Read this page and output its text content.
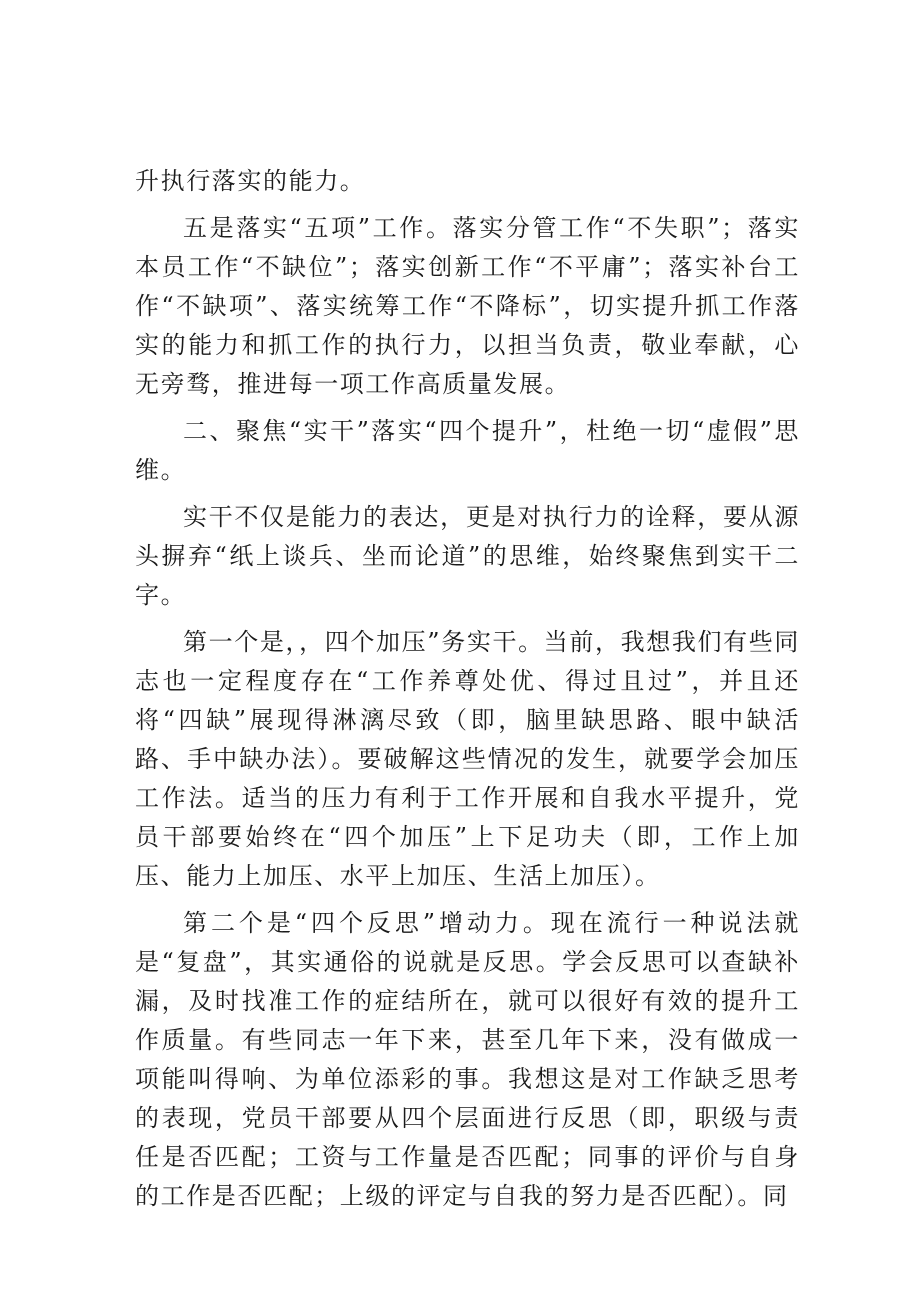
升执行落实的能力。

五是落实“五项”工作。落实分管工作“不失职”；落实本员工作“不缺位”；落实创新工作“不平庸”；落实补台工作“不缺项”、落实统筹工作“不降标”，切实提升抓工作落实的能力和抓工作的执行力，以担当负责，敬业奉献，心无旁骛，推进每一项工作高质量发展。

二、聚焦“实干”落实“四个提升”，杜绝一切“虚假”思维。

实干不仅是能力的表达，更是对执行力的诠释，要从源头摒弃“纸上谈兵、坐而论道”的思维，始终聚焦到实干二字。

第一个是，，四个加压”务实干。当前，我想我们有些同志也一定程度存在“工作养尊处优、得过且过”，并且还将“四缺”展现得淋漓尽致（即，脑里缺思路、眼中缺活路、手中缺办法）。要破解这些情况的发生，就要学会加压工作法。适当的压力有利于工作开展和自我水平提升，党员干部要始终在“四个加压”上下足功夫（即，工作上加压、能力上加压、水平上加压、生活上加压）。

第二个是“四个反思”增动力。现在流行一种说法就是“复盘”，其实通俗的说就是反思。学会反思可以查缺补漏，及时找准工作的症结所在，就可以很好有效的提升工作质量。有些同志一年下来，甚至几年下来，没有做成一项能叫得响、为单位添彩的事。我想这是对工作缺乏思考的表现，党员干部要从四个层面进行反思（即，职级与责任是否匹配；工资与工作量是否匹配；同事的评价与自身的工作是否匹配；上级的评定与自我的努力是否匹配）。同
